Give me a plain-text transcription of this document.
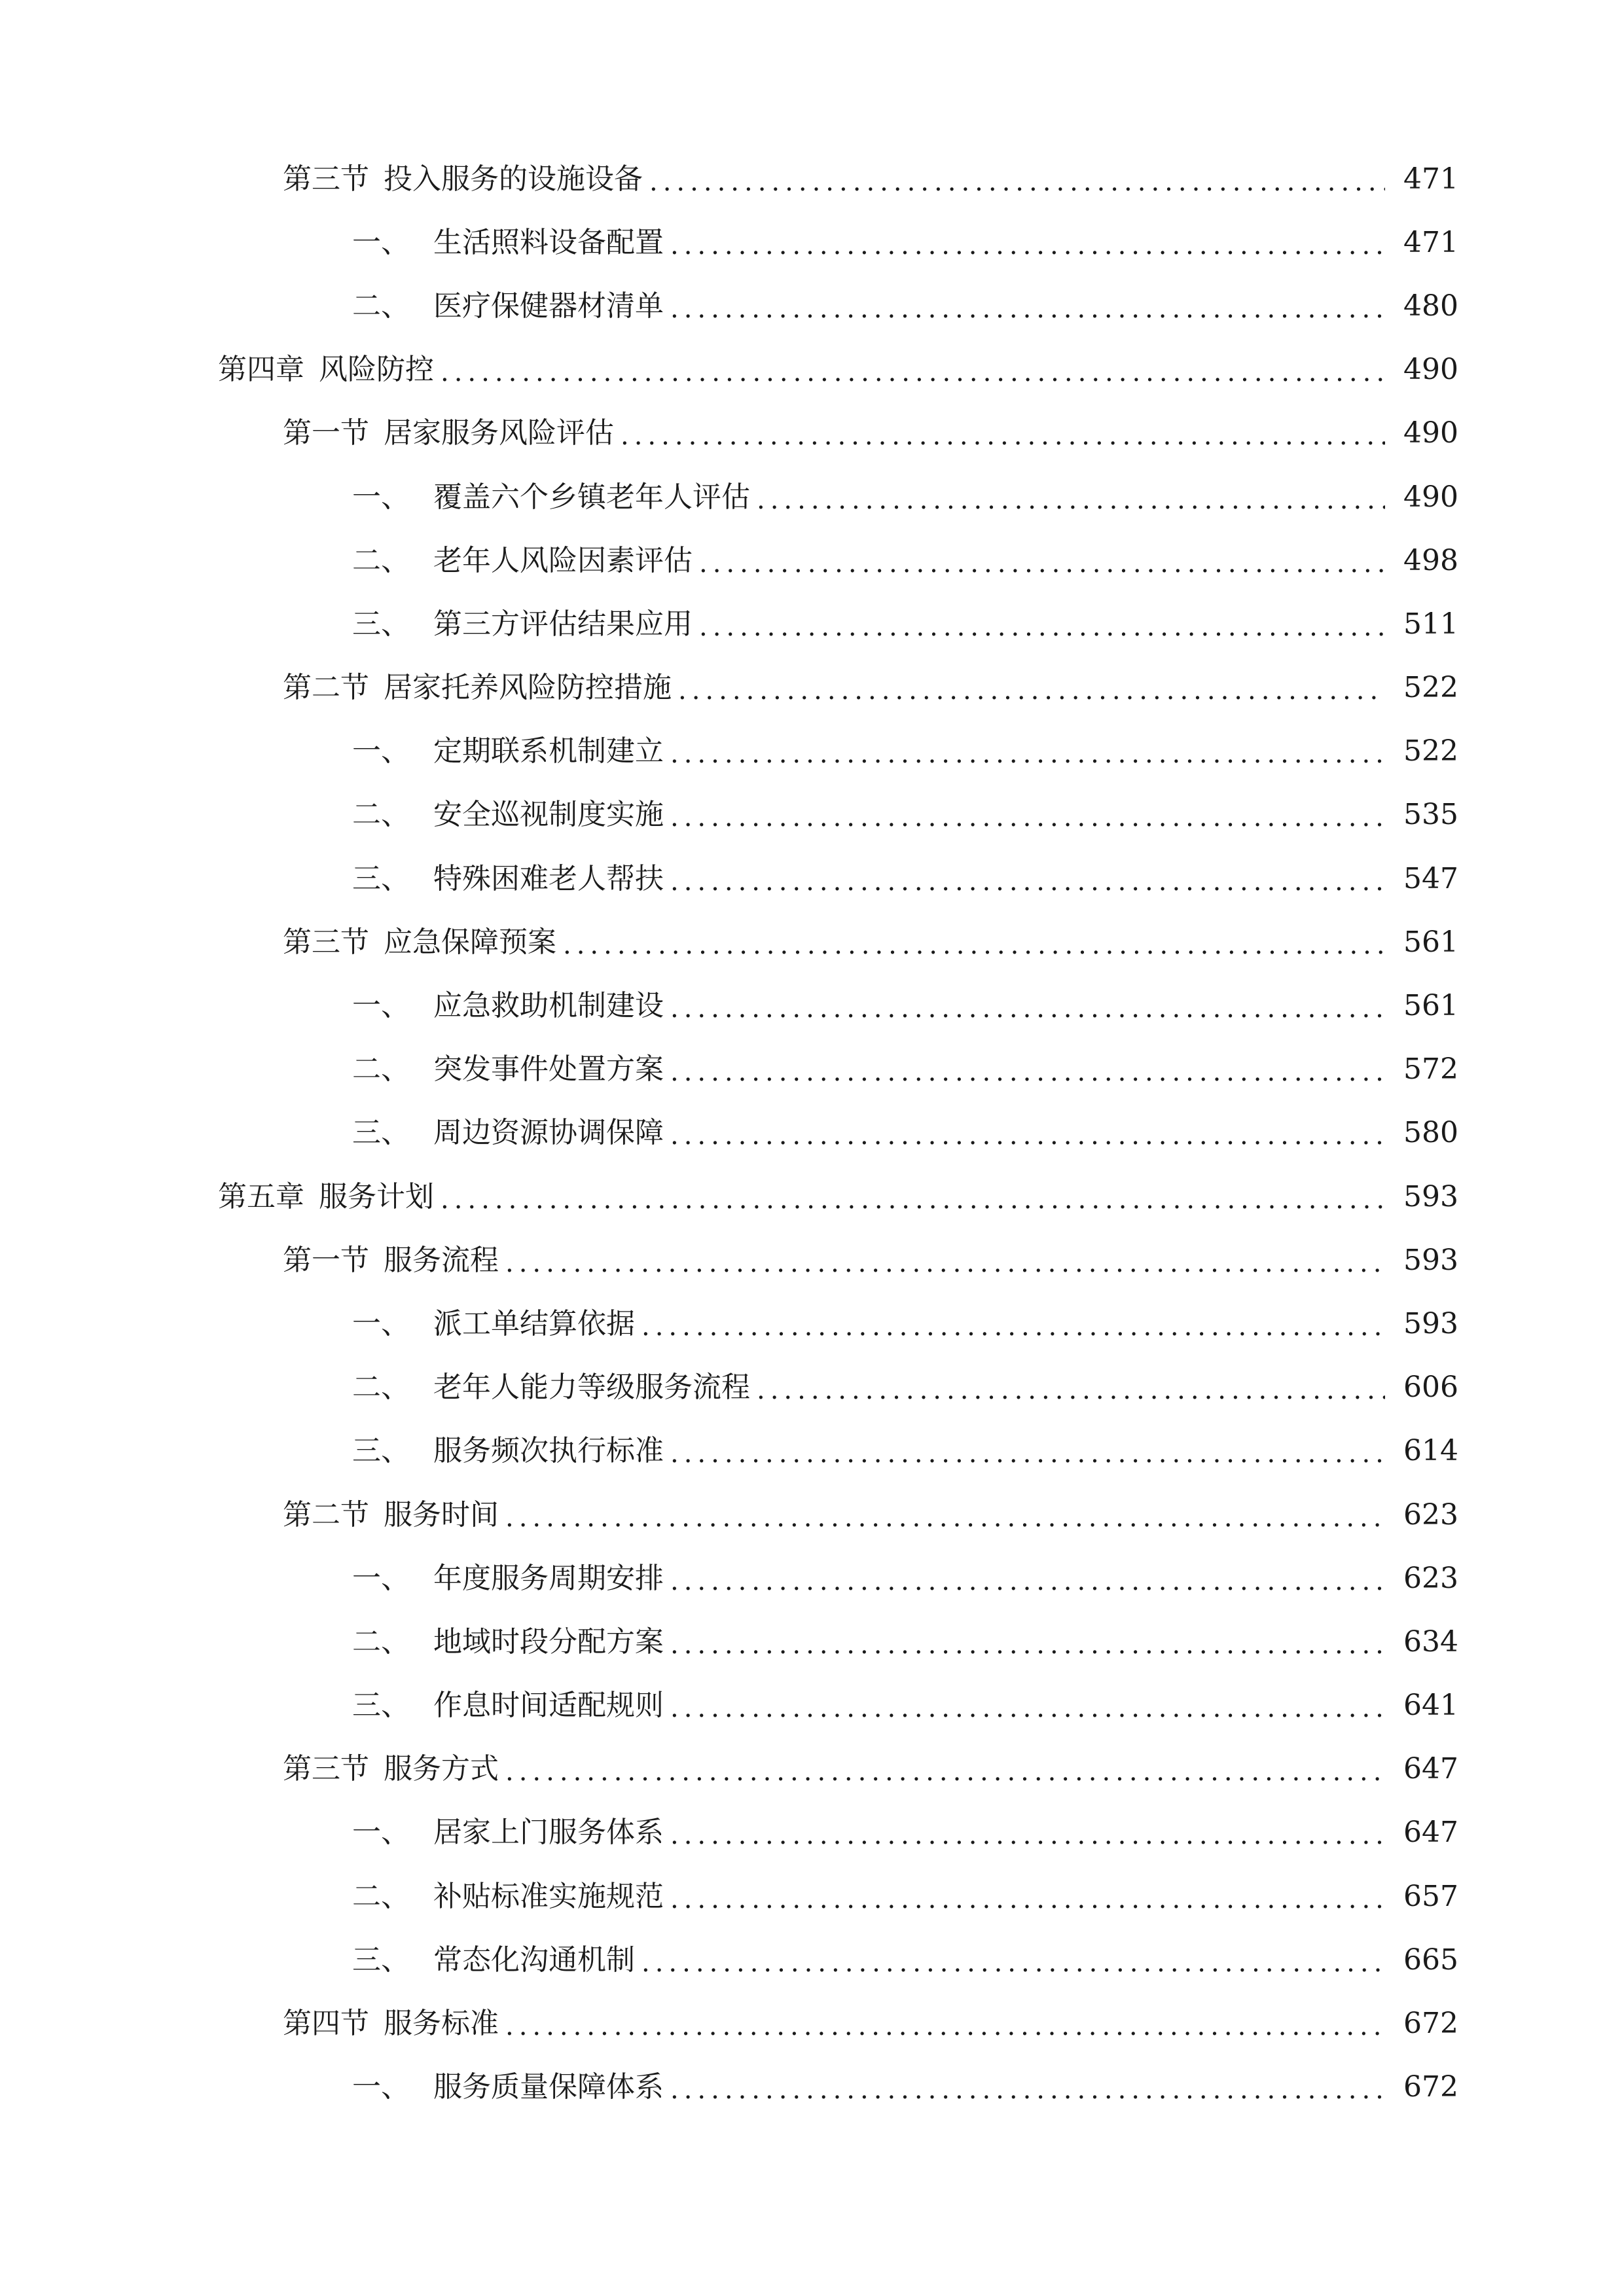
第三节 投入服务的设施设备 .....	471
一、 生活照料设备配置 .....	471
二、 医疗保健器材清单 .....	480
第四章 风险防控 .....	490
第一节 居家服务风险评估 .....	490
一、 覆盖六个乡镇老年人评估 .....	490
二、 老年人风险因素评估 .....	498
三、 第三方评估结果应用 .....	511
第二节 居家托养风险防控措施 .....	522
一、 定期联系机制建立 .....	522
二、 安全巡视制度实施 .....	535
三、 特殊困难老人帮扶 .....	547
第三节 应急保障预案 .....	561
一、 应急救助机制建设 .....	561
二、 突发事件处置方案 .....	572
三、 周边资源协调保障 .....	580
第五章 服务计划 .....	593
第一节 服务流程 .....	593
一、 派工单结算依据 .....	593
二、 老年人能力等级服务流程 .....	606
三、 服务频次执行标准 .....	614
第二节 服务时间 .....	623
一、 年度服务周期安排 .....	623
二、 地域时段分配方案 .....	634
三、 作息时间适配规则 .....	641
第三节 服务方式 .....	647
一、 居家上门服务体系 .....	647
二、 补贴标准实施规范 .....	657
三、 常态化沟通机制 .....	665
第四节 服务标准 .....	672
一、 服务质量保障体系 .....	672
